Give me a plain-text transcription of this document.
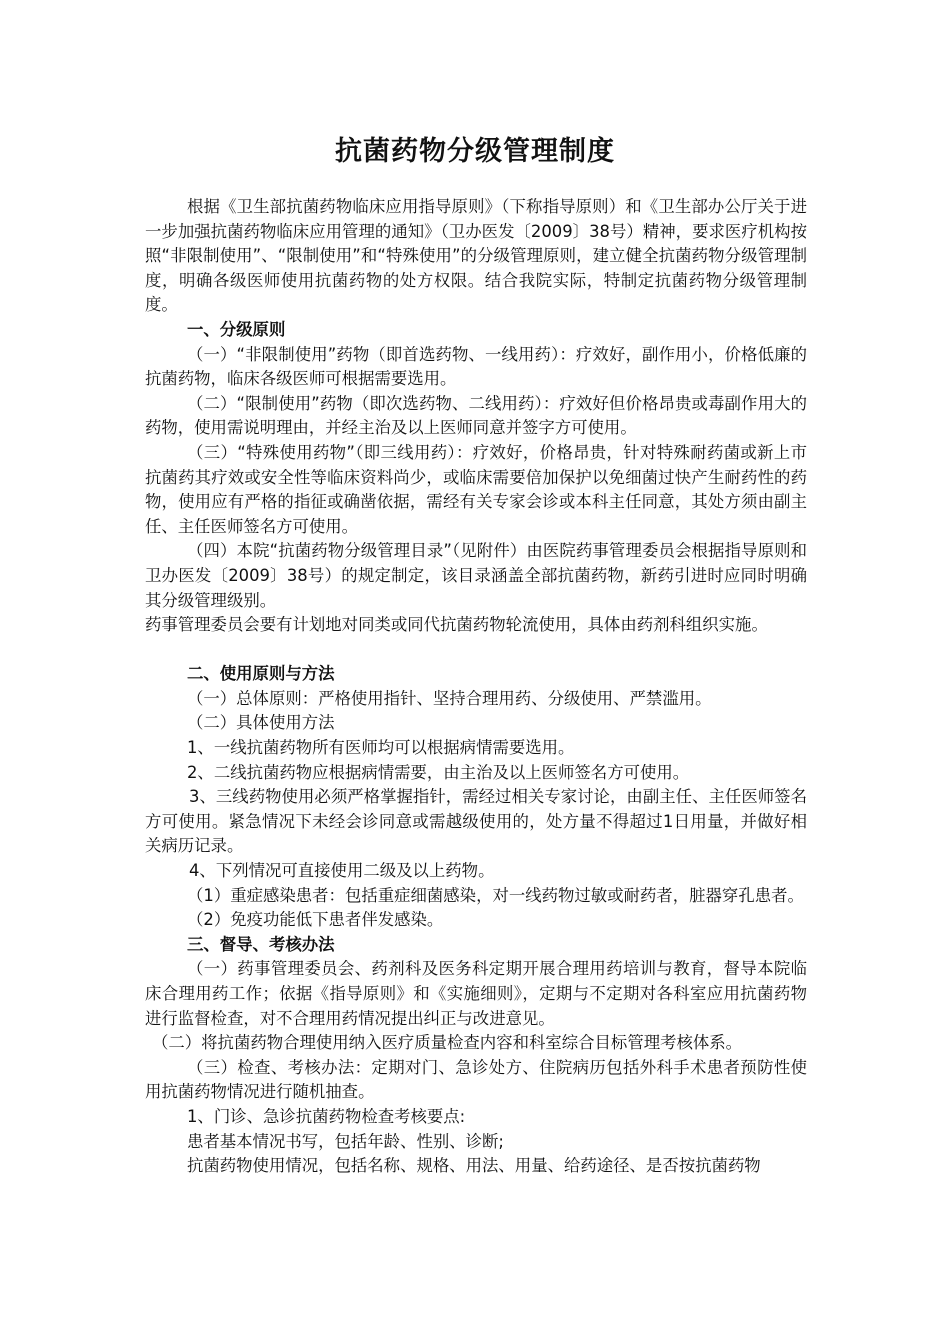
抗菌药物分级管理制度

根据《卫生部抗菌药物临床应用指导原则》（下称指导原则）和《卫生部办公厅关于进一步加强抗菌药物临床应用管理的通知》（卫办医发〔2009〕38号）精神，要求医疗机构按照“非限制使用”、“限制使用”和“特殊使用”的分级管理原则，建立健全抗菌药物分级管理制度，明确各级医师使用抗菌药物的处方权限。结合我院实际，特制定抗菌药物分级管理制度。

一、分级原则

（一）“非限制使用”药物（即首选药物、一线用药）：疗效好，副作用小，价格低廉的抗菌药物，临床各级医师可根据需要选用。

（二）“限制使用”药物（即次选药物、二线用药）：疗效好但价格昂贵或毒副作用大的药物，使用需说明理由，并经主治及以上医师同意并签字方可使用。

（三）“特殊使用药物”（即三线用药）：疗效好，价格昂贵，针对特殊耐药菌或新上市抗菌药其疗效或安全性等临床资料尚少，或临床需要倍加保护以免细菌过快产生耐药性的药物，使用应有严格的指征或确凿依据，需经有关专家会诊或本科主任同意，其处方须由副主任、主任医师签名方可使用。

（四）本院“抗菌药物分级管理目录”（见附件）由医院药事管理委员会根据指导原则和卫办医发〔2009〕38号）的规定制定，该目录涵盖全部抗菌药物，新药引进时应同时明确其分级管理级别。

药事管理委员会要有计划地对同类或同代抗菌药物轮流使用，具体由药剂科组织实施。

二、使用原则与方法

（一）总体原则：严格使用指针、坚持合理用药、分级使用、严禁滥用。

（二）具体使用方法

1、一线抗菌药物所有医师均可以根据病情需要选用。

2、二线抗菌药物应根据病情需要，由主治及以上医师签名方可使用。

3、三线药物使用必须严格掌握指针，需经过相关专家讨论，由副主任、主任医师签名方可使用。紧急情况下未经会诊同意或需越级使用的，处方量不得超过1日用量，并做好相关病历记录。

4、下列情况可直接使用二级及以上药物。

（1）重症感染患者：包括重症细菌感染，对一线药物过敏或耐药者，脏器穿孔患者。

（2）免疫功能低下患者伴发感染。

三、督导、考核办法

（一）药事管理委员会、药剂科及医务科定期开展合理用药培训与教育，督导本院临床合理用药工作；依据《指导原则》和《实施细则》，定期与不定期对各科室应用抗菌药物进行监督检查，对不合理用药情况提出纠正与改进意见。

（二）将抗菌药物合理使用纳入医疗质量检查内容和科室综合目标管理考核体系。

（三）检查、考核办法：定期对门、急诊处方、住院病历包括外科手术患者预防性使用抗菌药物情况进行随机抽查。

1、门诊、急诊抗菌药物检查考核要点:

患者基本情况书写，包括年龄、性别、诊断;

抗菌药物使用情况，包括名称、规格、用法、用量、给药途径、是否按抗菌药物
